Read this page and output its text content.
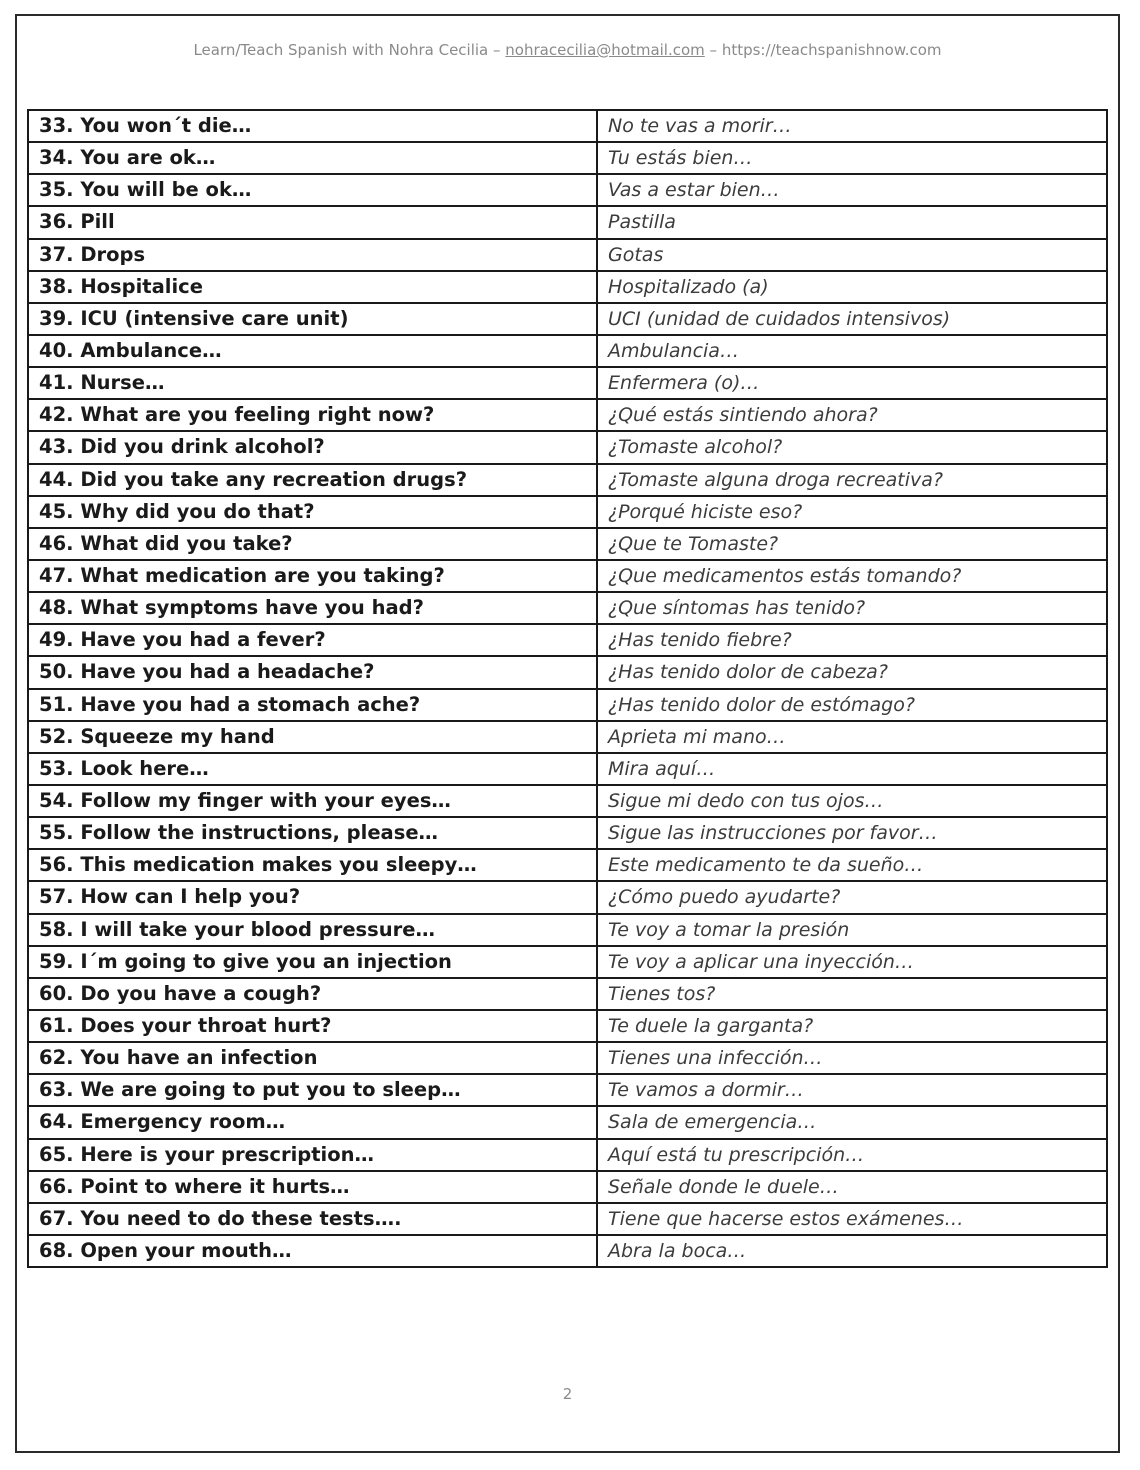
Learn/Teach Spanish with Nohra Cecilia – nohracecilia@hotmail.com – https://teachspanishnow.com
33. You won´t die…	No te vas a morir…
34. You are ok…	Tu estás bien…
35. You will be ok…	Vas a estar bien…
36. Pill	Pastilla
37. Drops	Gotas
38. Hospitalice	Hospitalizado (a)
39. ICU (intensive care unit)	UCI (unidad de cuidados intensivos)
40. Ambulance…	Ambulancia…
41. Nurse…	Enfermera (o)…
42. What are you feeling right now?	¿Qué estás sintiendo ahora?
43. Did you drink alcohol?	¿Tomaste alcohol?
44. Did you take any recreation drugs?	¿Tomaste alguna droga recreativa?
45. Why did you do that?	¿Porqué hiciste eso?
46. What did you take?	¿Que te Tomaste?
47. What medication are you taking?	¿Que medicamentos estás tomando?
48. What symptoms have you had?	¿Que síntomas has tenido?
49. Have you had a fever?	¿Has tenido fiebre?
50. Have you had a headache?	¿Has tenido dolor de cabeza?
51. Have you had a stomach ache?	¿Has tenido dolor de estómago?
52. Squeeze my hand	Aprieta mi mano…
53. Look here…	Mira aquí…
54. Follow my finger with your eyes…	Sigue mi dedo con tus ojos…
55. Follow the instructions, please…	Sigue las instrucciones por favor…
56. This medication makes you sleepy…	Este medicamento te da sueño…
57. How can I help you?	¿Cómo puedo ayudarte?
58. I will take your blood pressure…	Te voy a tomar la presión
59. I´m going to give you an injection	Te voy a aplicar una inyección…
60. Do you have a cough?	Tienes tos?
61. Does your throat hurt?	Te duele la garganta?
62. You have an infection	Tienes una infección…
63. We are going to put you to sleep…	Te vamos a dormir…
64. Emergency room…	Sala de emergencia…
65. Here is your prescription…	Aquí está tu prescripción…
66. Point to where it hurts…	Señale donde le duele…
67. You need to do these tests….	Tiene que hacerse estos exámenes…
68. Open your mouth…	Abra la boca…
2
